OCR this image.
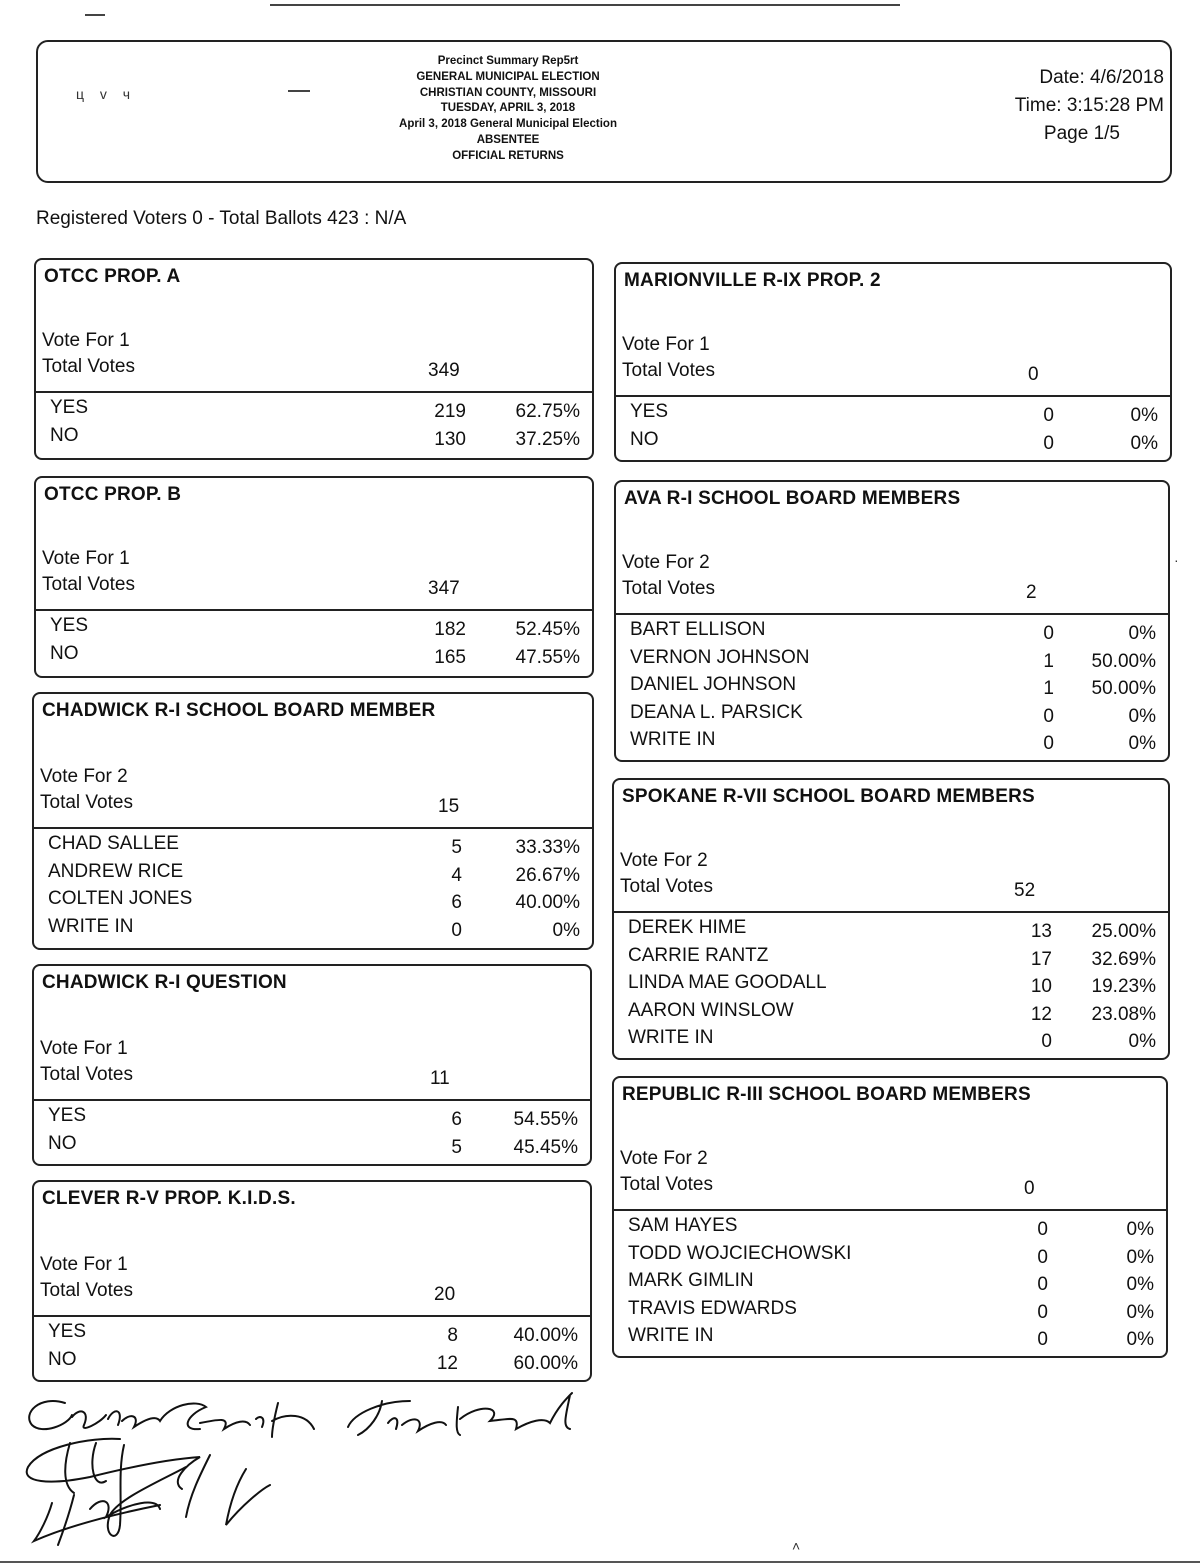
·
˄
ц v ч
Precinct Summary Rep5rt
GENERAL MUNICIPAL ELECTION
CHRISTIAN COUNTY, MISSOURI
TUESDAY, APRIL 3, 2018
April 3, 2018 General Municipal Election
ABSENTEE
OFFICIAL RETURNS
Date: 4/6/2018
Time: 3:15:28 PM
Page 1/5
Registered Voters 0 - Total Ballots 423 : N/A
OTCC PROP. A
Vote For 1
Total Votes	349
YES	219	62.75%
NO	130	37.25%
OTCC PROP. B
Vote For 1
Total Votes	347
YES	182	52.45%
NO	165	47.55%
CHADWICK R-I SCHOOL BOARD MEMBER
Vote For 2
Total Votes	15
CHAD SALLEE	5	33.33%
ANDREW RICE	4	26.67%
COLTEN JONES	6	40.00%
WRITE IN	0	0%
CHADWICK R-I QUESTION
Vote For 1
Total Votes	11
YES	6	54.55%
NO	5	45.45%
CLEVER R-V PROP. K.I.D.S.
Vote For 1
Total Votes	20
YES	8	40.00%
NO	12	60.00%
MARIONVILLE R-IX PROP. 2
Vote For 1
Total Votes	0
YES	0	0%
NO	0	0%
AVA R-I SCHOOL BOARD MEMBERS
Vote For 2
Total Votes	2
BART ELLISON	0	0%
VERNON JOHNSON	1 50.00%
DANIEL JOHNSON	1 50.00%
DEANA L. PARSICK	0	0%
WRITE IN	0	0%
SPOKANE R-VII SCHOOL BOARD MEMBERS
Vote For 2
Total Votes	52
DEREK HIME	13 25.00%
CARRIE RANTZ	17 32.69%
LINDA MAE GOODALL	10 19.23%
AARON WINSLOW	12 23.08%
WRITE IN	0	0%
REPUBLIC R-III SCHOOL BOARD MEMBERS
Vote For 2
Total Votes	0
SAM HAYES	0	0%
TODD WOJCIECHOWSKI	0	0%
MARK GIMLIN	0	0%
TRAVIS EDWARDS	0	0%
WRITE IN	0	0%
